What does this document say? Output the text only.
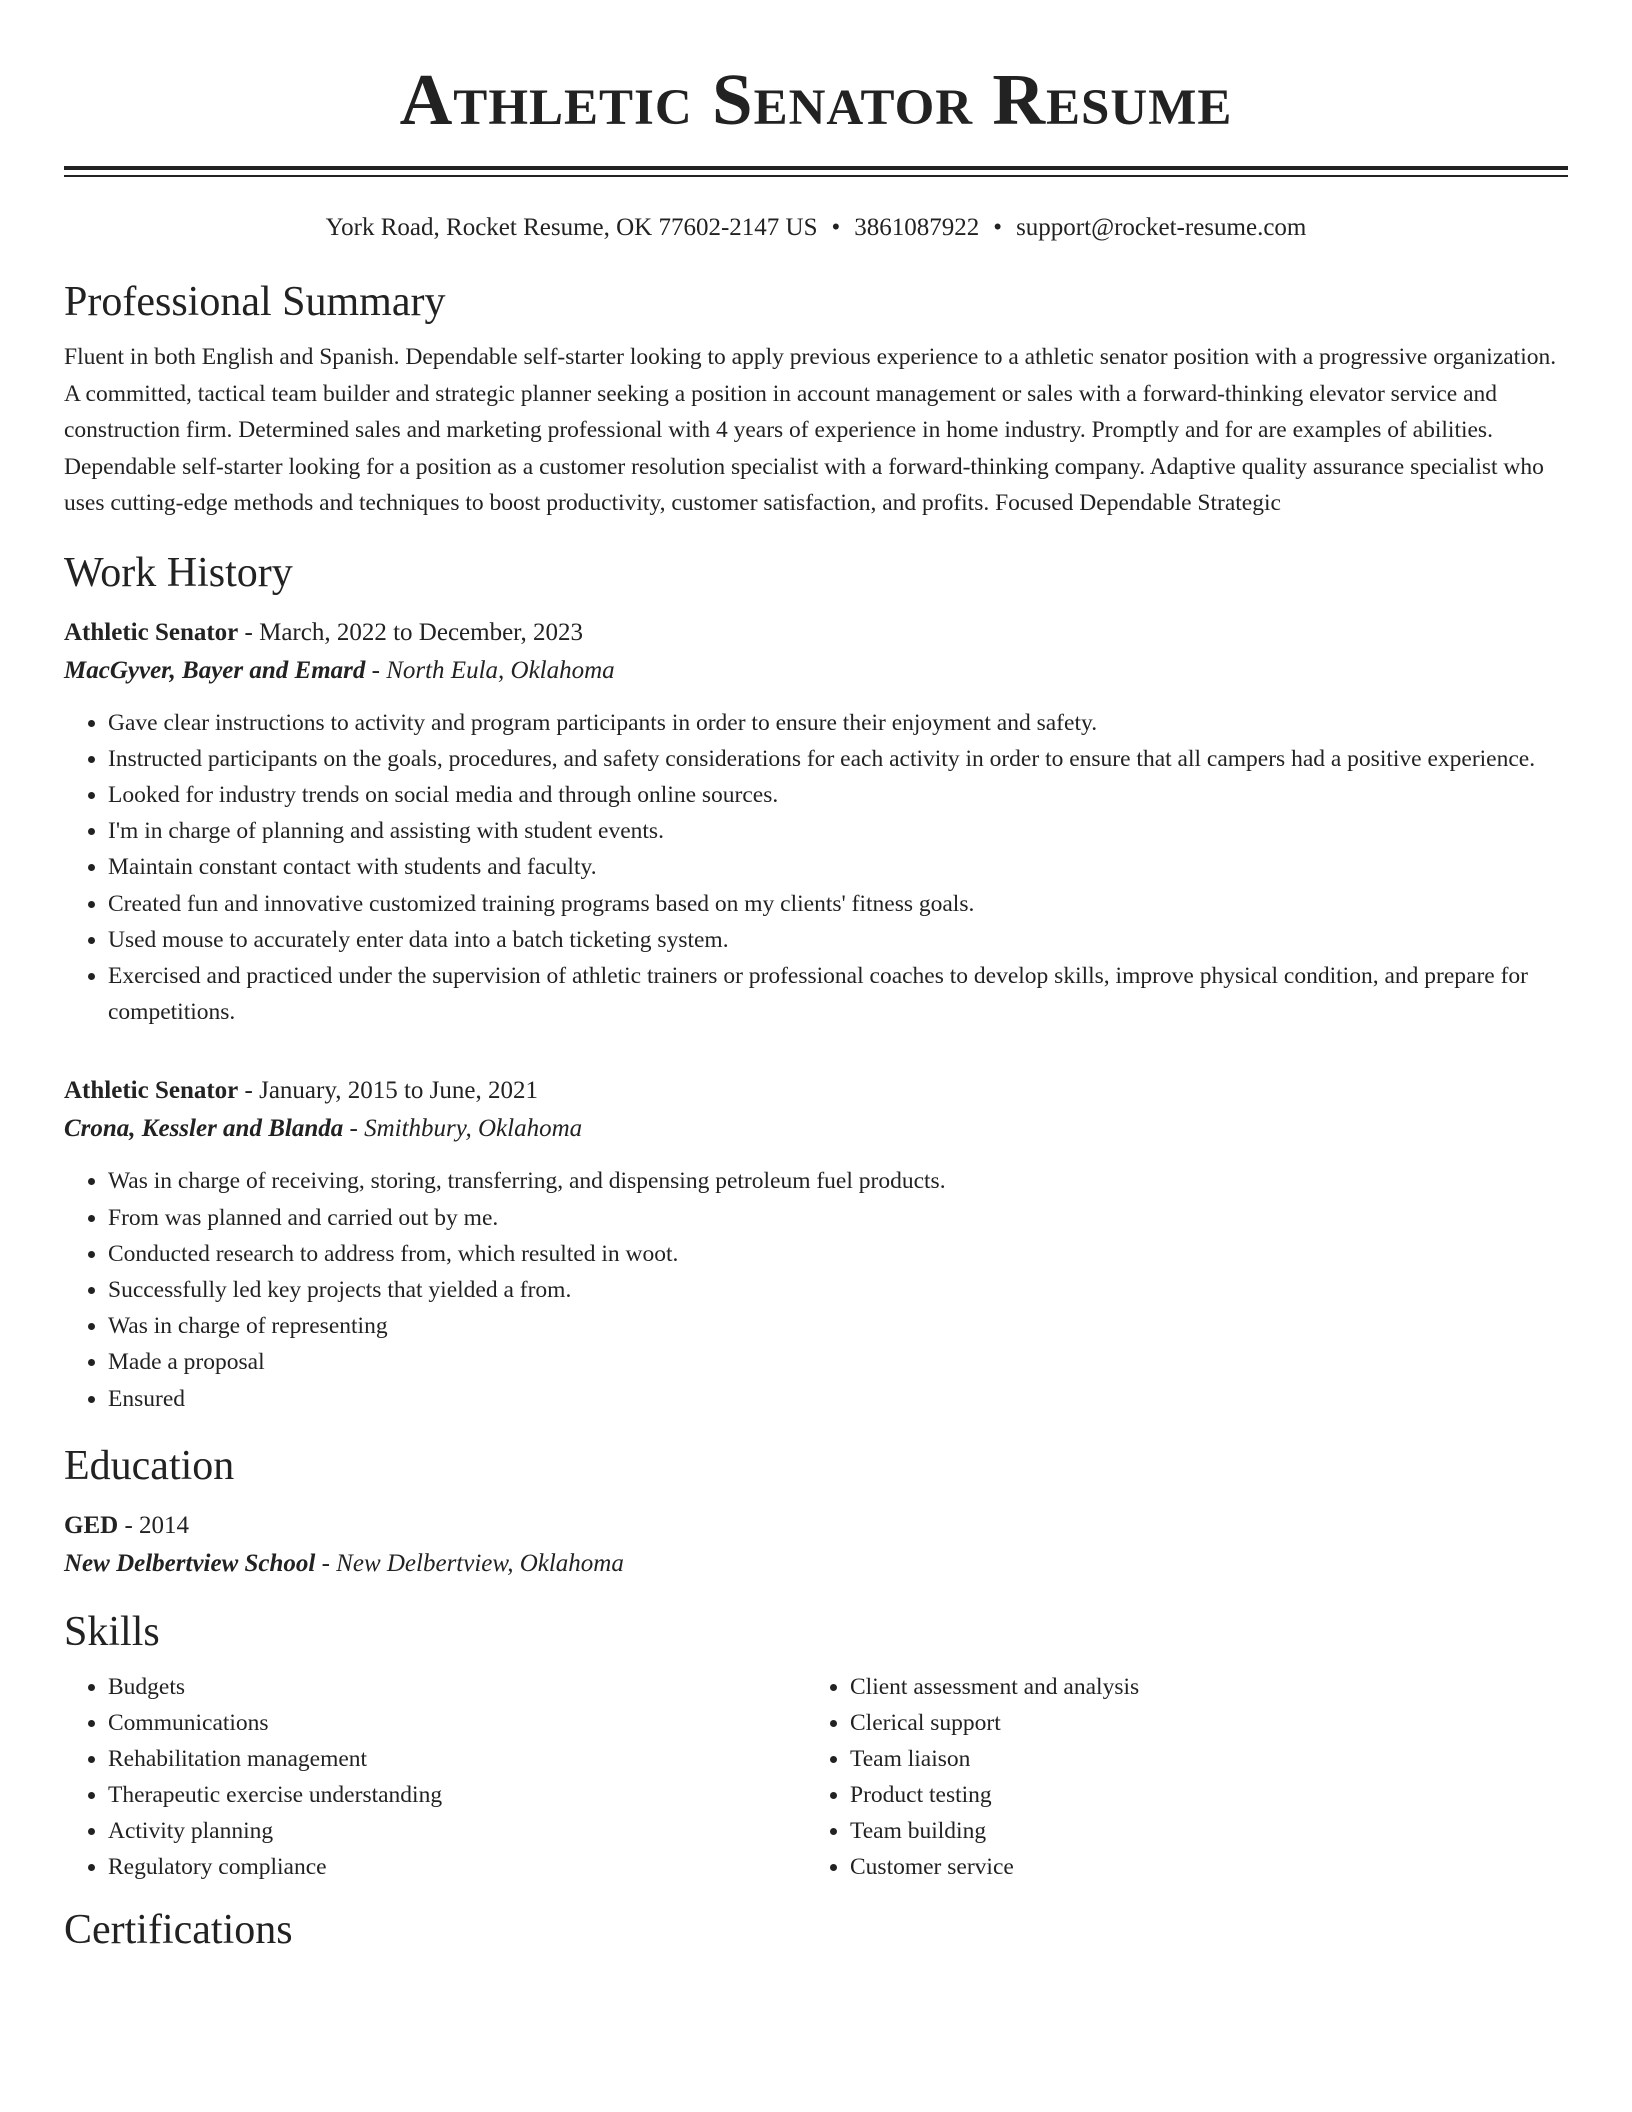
Athletic Senator Resume
York Road, Rocket Resume, OK 77602-2147 US • 3861087922 • support@rocket-resume.com
Professional Summary

Fluent in both English and Spanish. Dependable self-starter looking to apply previous experience to a athletic senator position with a progressive organization. A committed, tactical team builder and strategic planner seeking a position in account management or sales with a forward-thinking elevator service and construction firm. Determined sales and marketing professional with 4 years of experience in home industry. Promptly and for are examples of abilities. Dependable self-starter looking for a position as a customer resolution specialist with a forward-thinking company. Adaptive quality assurance specialist who uses cutting-edge methods and techniques to boost productivity, customer satisfaction, and profits. Focused Dependable Strategic

Work History
Athletic Senator - March, 2022 to December, 2023
MacGyver, Bayer and Emard - North Eula, Oklahoma
• Gave clear instructions to activity and program participants in order to ensure their enjoyment and safety.
• Instructed participants on the goals, procedures, and safety considerations for each activity in order to ensure that all campers had a positive experience.
• Looked for industry trends on social media and through online sources.
• I'm in charge of planning and assisting with student events.
• Maintain constant contact with students and faculty.
• Created fun and innovative customized training programs based on my clients' fitness goals.
• Used mouse to accurately enter data into a batch ticketing system.
• Exercised and practiced under the supervision of athletic trainers or professional coaches to develop skills, improve physical condition, and prepare for competitions.
Athletic Senator - January, 2015 to June, 2021
Crona, Kessler and Blanda - Smithbury, Oklahoma
• Was in charge of receiving, storing, transferring, and dispensing petroleum fuel products.
• From was planned and carried out by me.
• Conducted research to address from, which resulted in woot.
• Successfully led key projects that yielded a from.
• Was in charge of representing
• Made a proposal
• Ensured
Education
GED - 2014
New Delbertview School - New Delbertview, Oklahoma
Skills
• Budgets
• Communications
• Rehabilitation management
• Therapeutic exercise understanding
• Activity planning
• Regulatory compliance
• Client assessment and analysis
• Clerical support
• Team liaison
• Product testing
• Team building
• Customer service
Certifications
